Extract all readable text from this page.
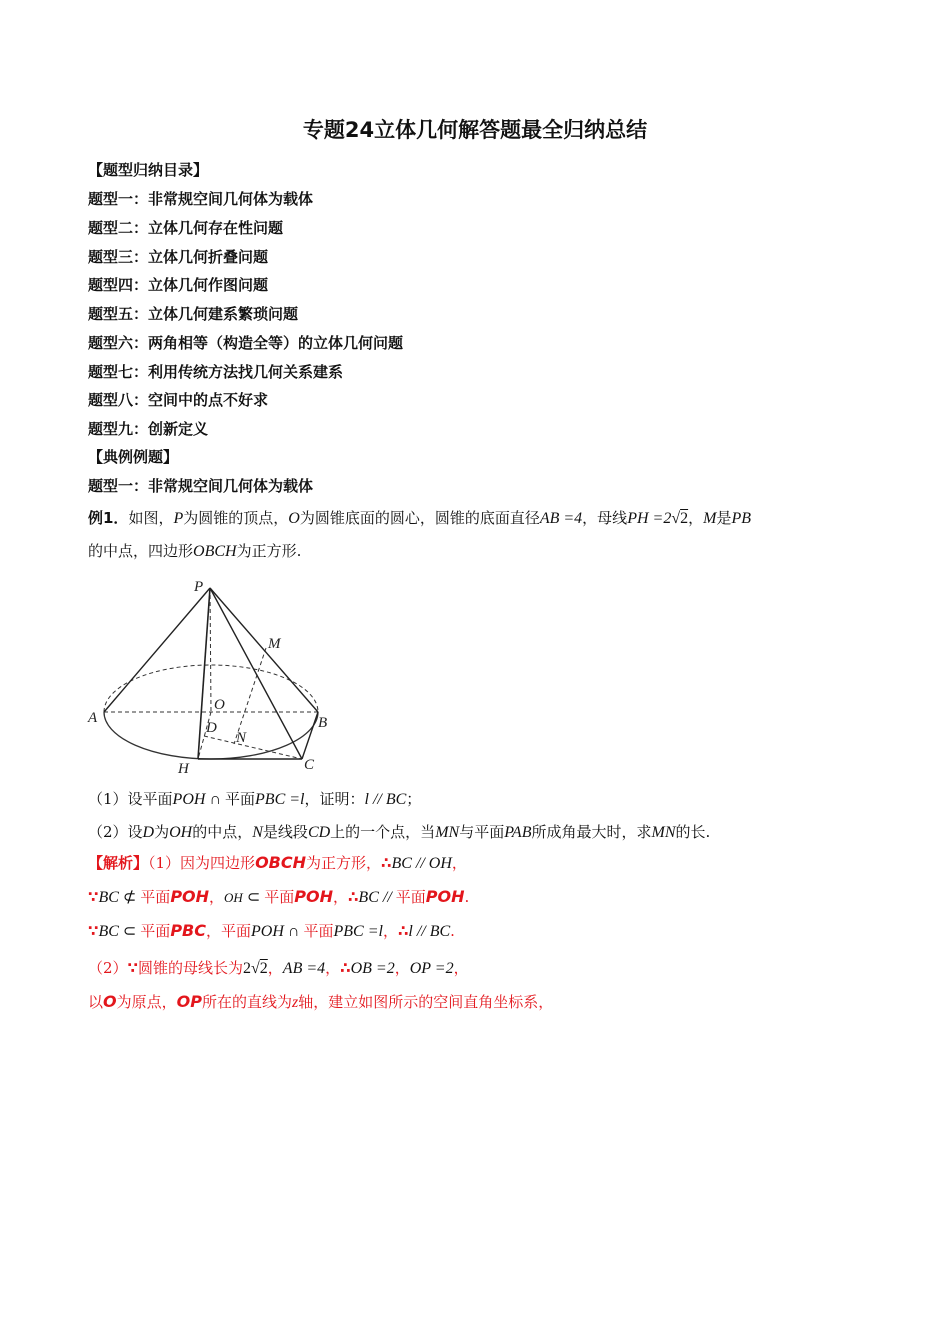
专题24立体几何解答题最全归纳总结
【题型归纳目录】
题型一：非常规空间几何体为载体
题型二：立体几何存在性问题
题型三：立体几何折叠问题
题型四：立体几何作图问题
题型五：立体几何建系繁琐问题
题型六：两角相等（构造全等）的立体几何问题
题型七：利用传统方法找几何关系建系
题型八：空间中的点不好求
题型九：创新定义
【典例例题】
题型一：非常规空间几何体为载体
例1．如图，P为圆锥的顶点，O为圆锥底面的圆心，圆锥的底面直径AB =4，母线PH =2√2，M是PB
的中点，四边形OBCH为正方形.
P
M
O
D
N
A	B
H	C
（1）设平面POH ∩ 平面PBC =l，证明：l // BC；
（2）设D为OH的中点，N是线段CD上的一个点，当MN与平面PAB所成角最大时，求MN的长.
【解析】（1）因为四边形OBCH为正方形，∴BC // OH，
∵BC ⊄ 平面POH，OH ⊂ 平面POH，∴BC // 平面POH.
∵BC ⊂ 平面PBC，平面POH ∩ 平面PBC =l，∴l // BC.
（2）∵圆锥的母线长为2√2，AB =4，∴OB =2，OP =2，
以O为原点，OP所在的直线为z轴，建立如图所示的空间直角坐标系，
